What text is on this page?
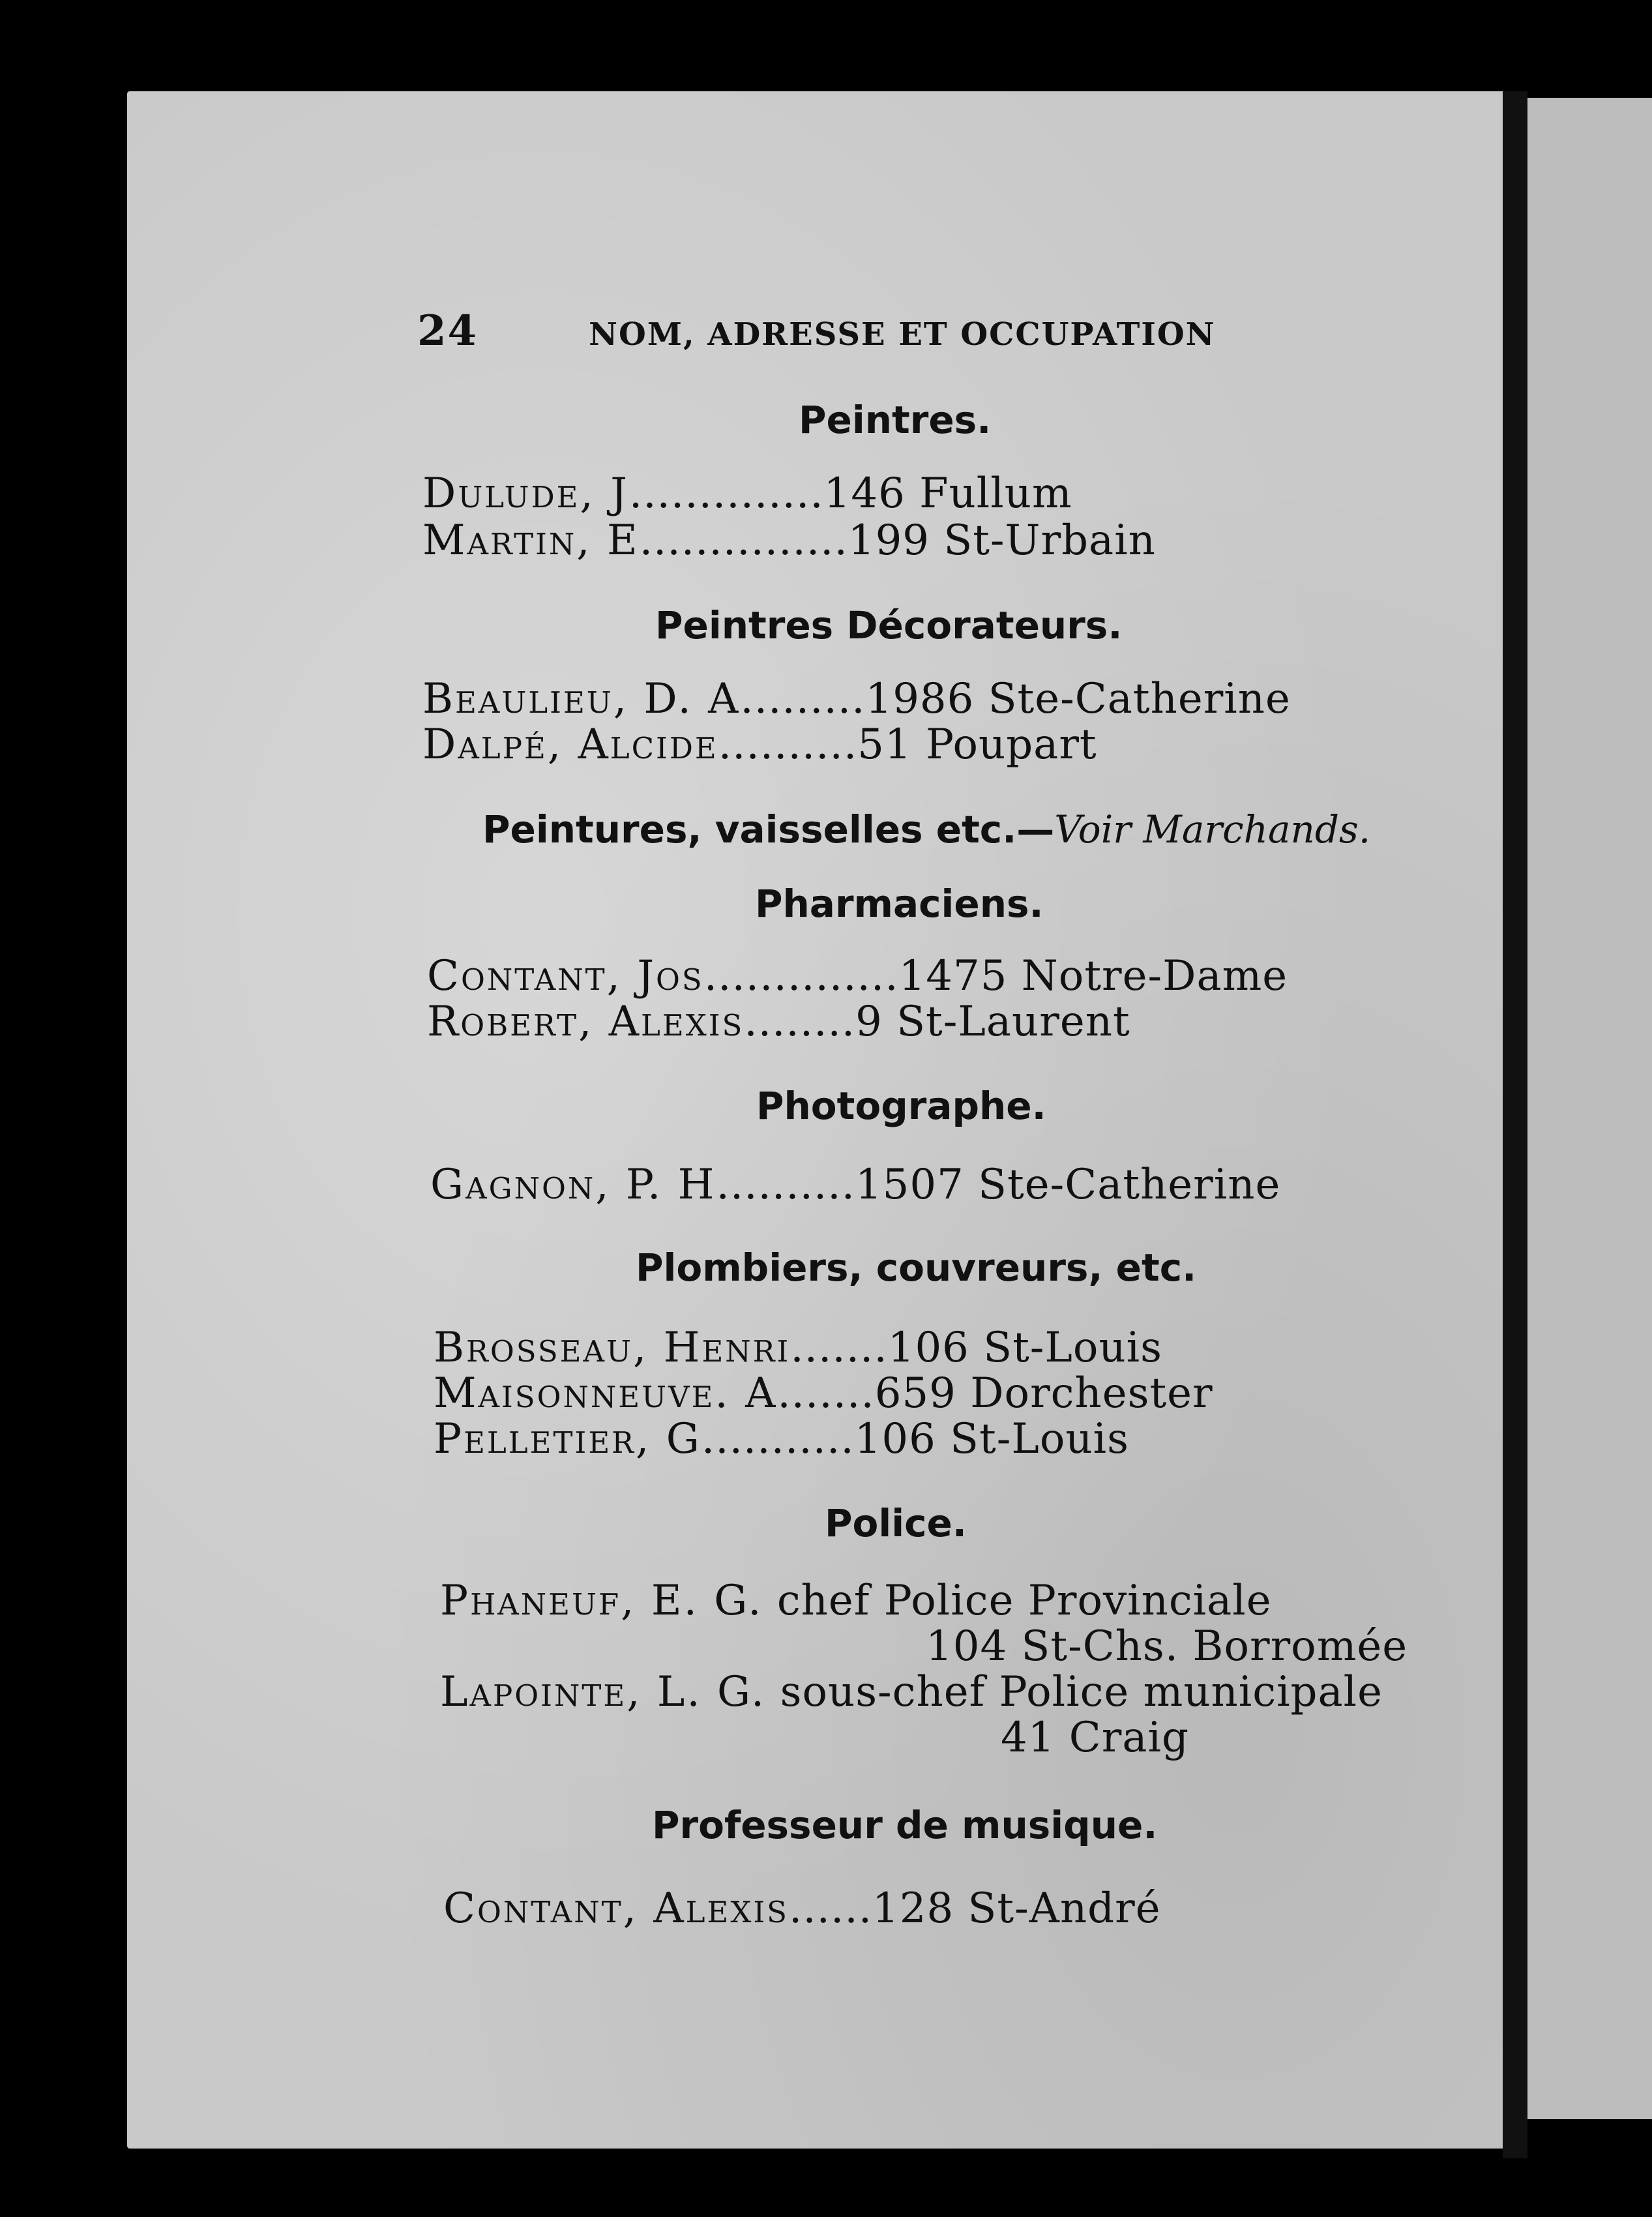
24	NOM, ADRESSE ET OCCUPATION
Peintres.
Dulude, J..............146 Fullum
Martin, E...............199 St-Urbain
Peintres Décorateurs.
Beaulieu, D. A.........1986 Ste-Catherine
Dalpé, Alcide..........51 Poupart
Peintures, vaisselles etc.—Voir Marchands.
Pharmaciens.
Contant, Jos..............1475 Notre-Dame
Robert, Alexis........9 St-Laurent
Photographe.
Gagnon, P. H..........1507 Ste-Catherine
Plombiers, couvreurs, etc.
Brosseau, Henri.......106 St-Louis
Maisonneuve. A.......659 Dorchester
Pelletier, G...........106 St-Louis
Police.
Phaneuf, E. G. chef Police Provinciale
104 St-Chs. Borromée
Lapointe, L. G. sous-chef Police municipale
41 Craig
Professeur de musique.
Contant, Alexis......128 St-André
